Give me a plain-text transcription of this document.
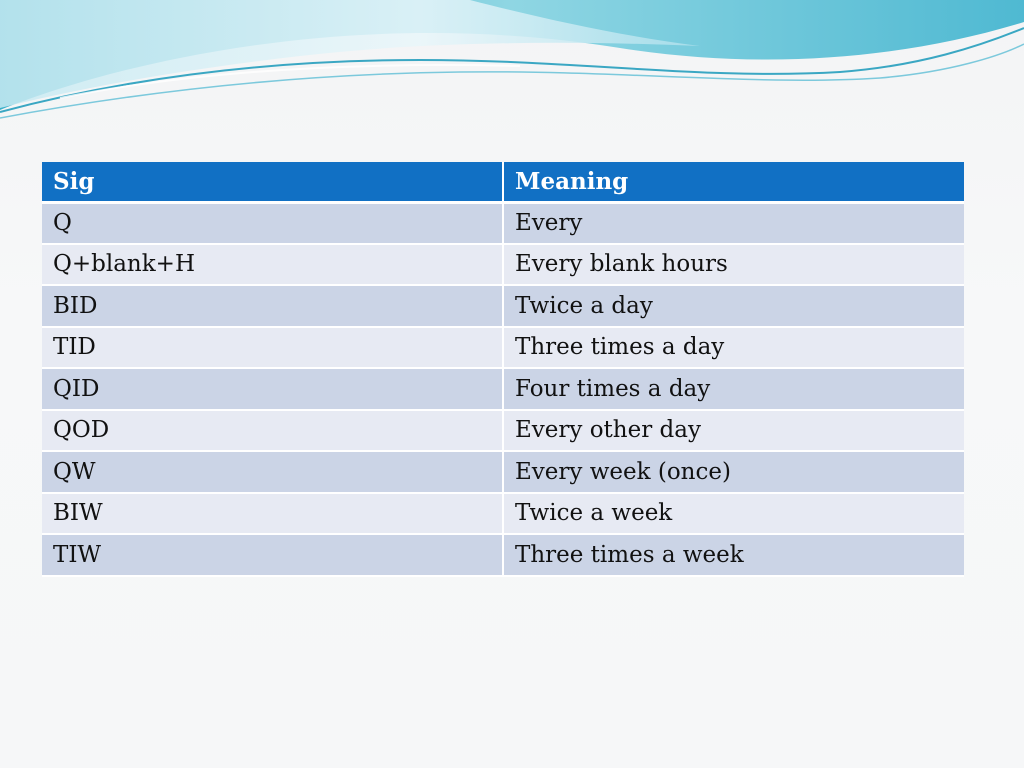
Sig	Meaning
Q	Every
Q+blank+H	Every blank hours
BID	Twice a day
TID	Three times a day
QID	Four times a day
QOD	Every other day
QW	Every week (once)
BIW	Twice a week
TIW	Three times a week
